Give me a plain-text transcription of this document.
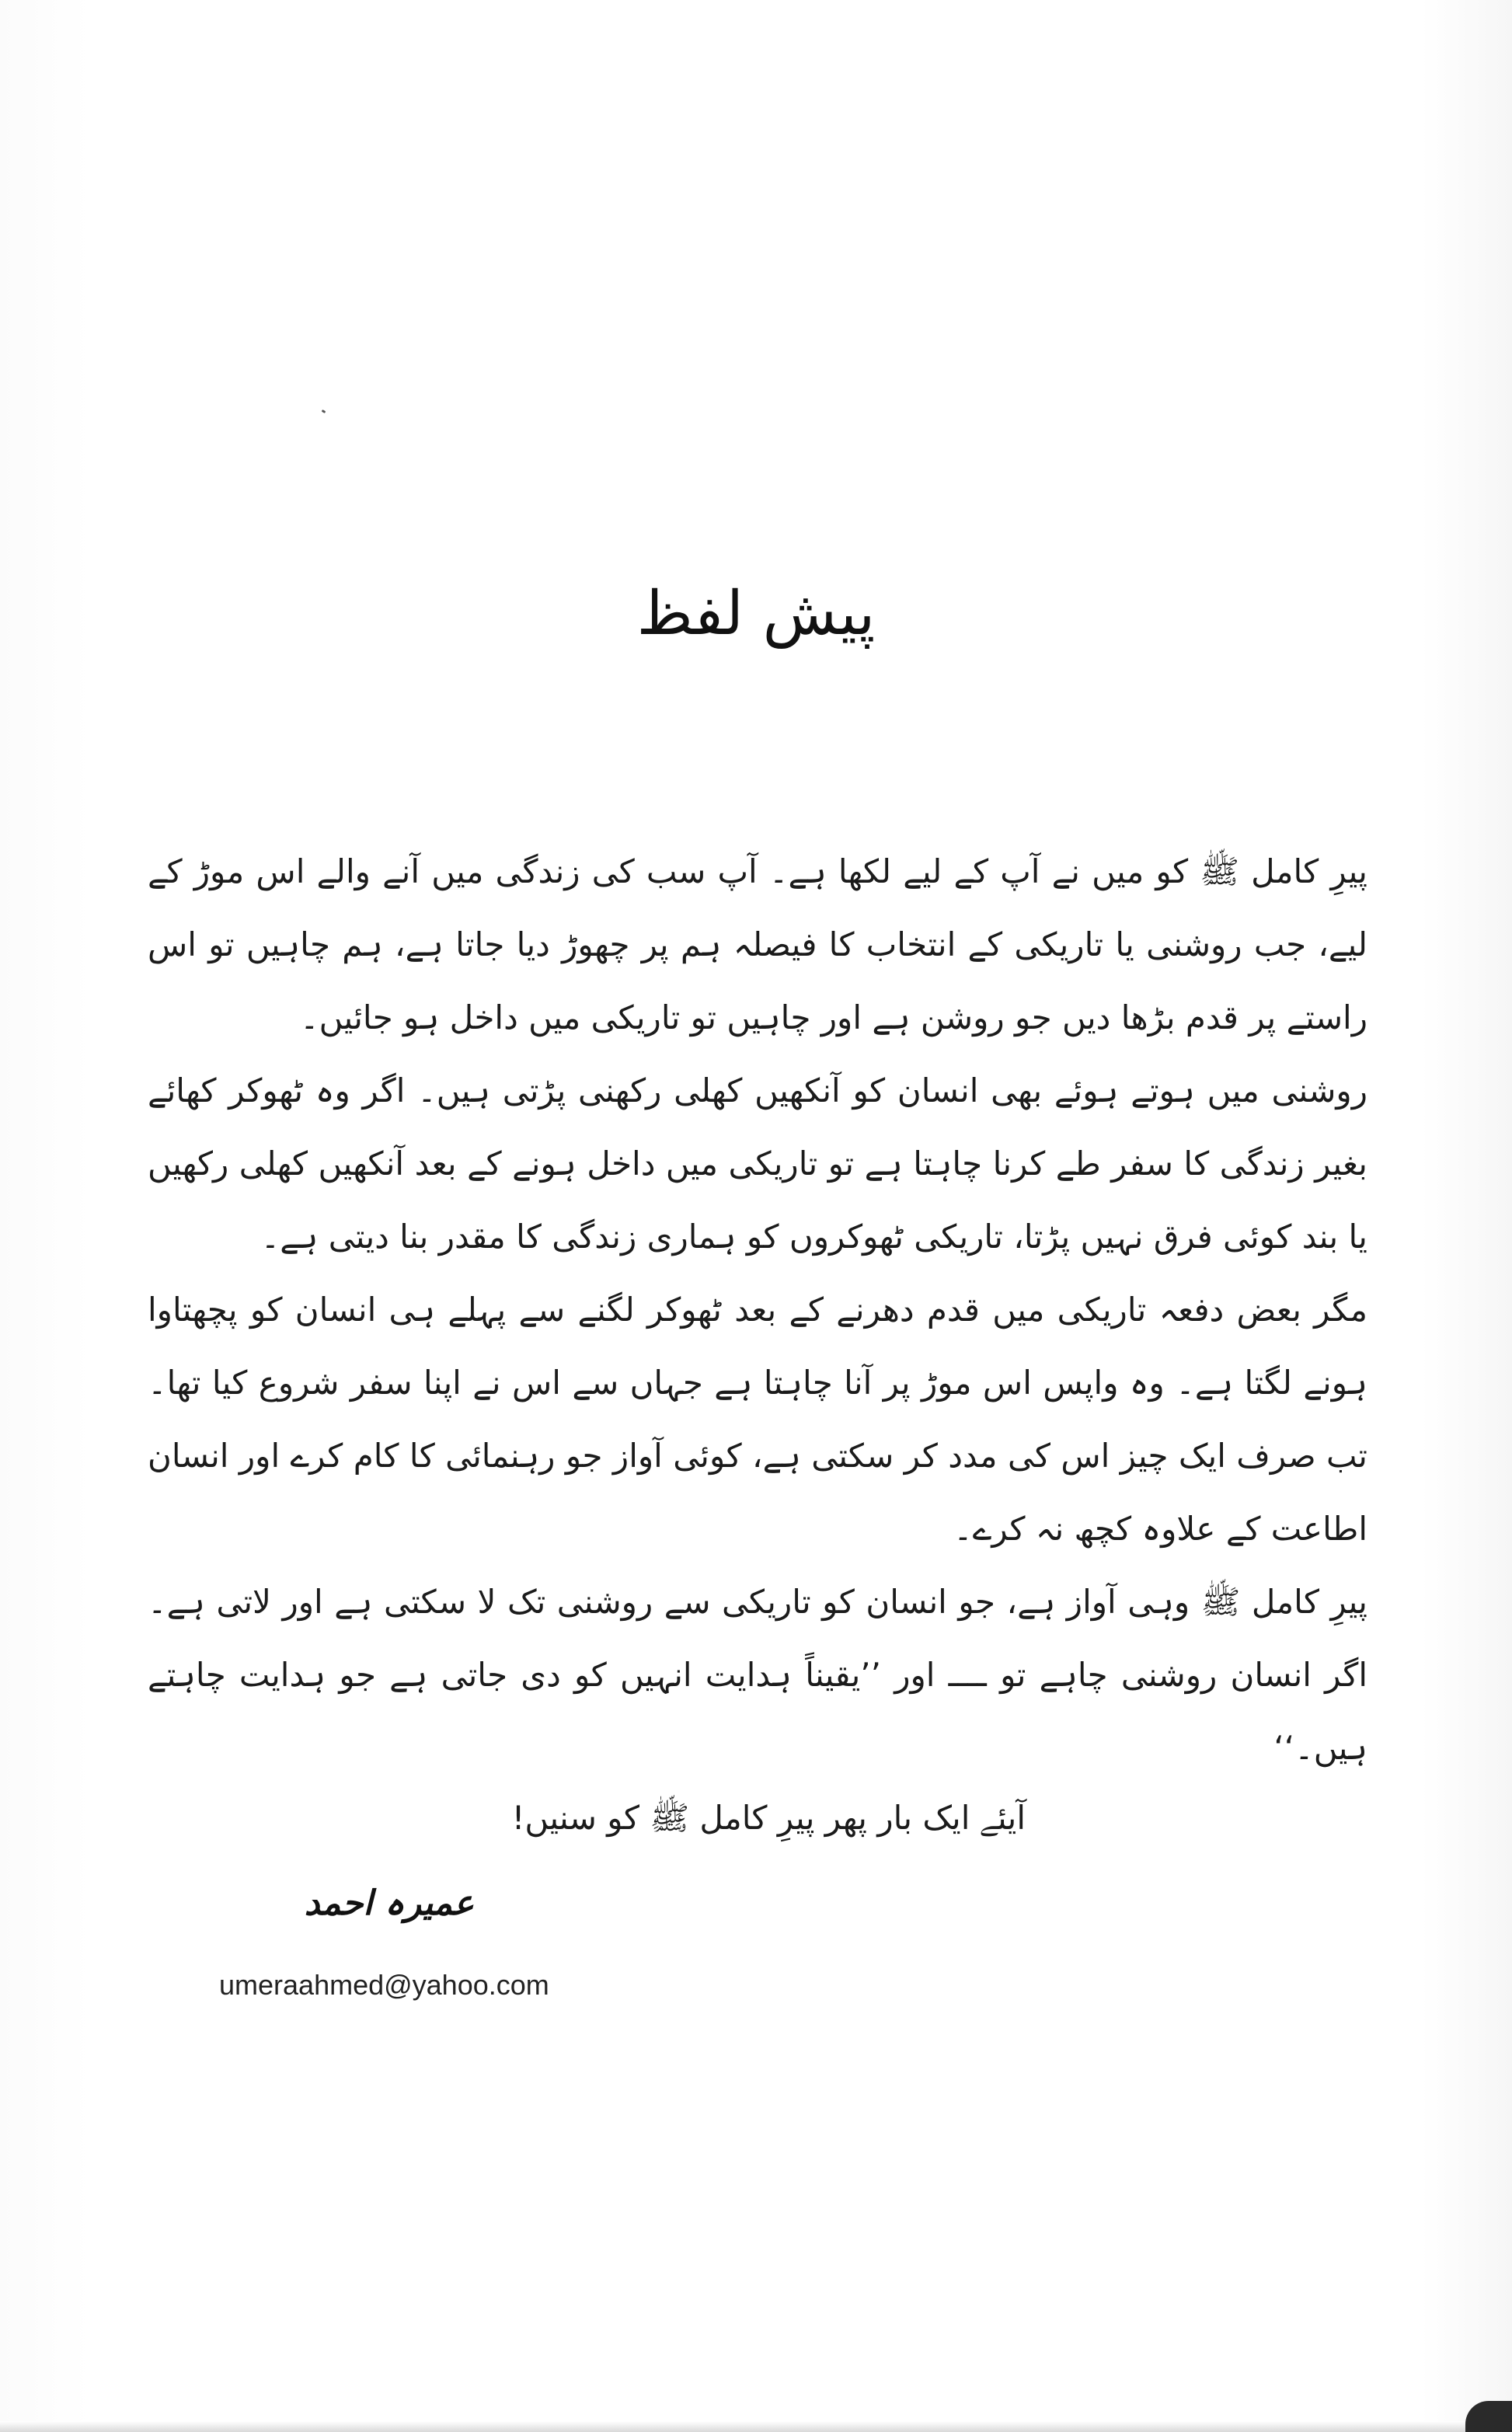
پیش لفظ

پیرِ کامل ﷺ کو میں نے آپ کے لیے لکھا ہے۔ آپ سب کی زندگی میں آنے والے اس موڑ کے لیے، جب روشنی یا تاریکی کے انتخاب کا فیصلہ ہم پر چھوڑ دیا جاتا ہے، ہم چاہیں تو اس راستے پر قدم بڑھا دیں جو روشن ہے اور چاہیں تو تاریکی میں داخل ہو جائیں۔

روشنی میں ہوتے ہوئے بھی انسان کو آنکھیں کھلی رکھنی پڑتی ہیں۔ اگر وہ ٹھوکر کھائے بغیر زندگی کا سفر طے کرنا چاہتا ہے تو تاریکی میں داخل ہونے کے بعد آنکھیں کھلی رکھیں یا بند کوئی فرق نہیں پڑتا، تاریکی ٹھوکروں کو ہماری زندگی کا مقدر بنا دیتی ہے۔

مگر بعض دفعہ تاریکی میں قدم دھرنے کے بعد ٹھوکر لگنے سے پہلے ہی انسان کو پچھتاوا ہونے لگتا ہے۔ وہ واپس اس موڑ پر آنا چاہتا ہے جہاں سے اس نے اپنا سفر شروع کیا تھا۔ تب صرف ایک چیز اس کی مدد کر سکتی ہے، کوئی آواز جو رہنمائی کا کام کرے اور انسان اطاعت کے علاوہ کچھ نہ کرے۔

پیرِ کامل ﷺ وہی آواز ہے، جو انسان کو تاریکی سے روشنی تک لا سکتی ہے اور لاتی ہے۔ اگر انسان روشنی چاہے تو ــــ اور ’’یقیناً ہدایت انہیں کو دی جاتی ہے جو ہدایت چاہتے ہیں۔‘‘

آیئے ایک بار پھر پیرِ کامل ﷺ کو سنیں!
عمیرہ احمد
umeraahmed@yahoo.com
